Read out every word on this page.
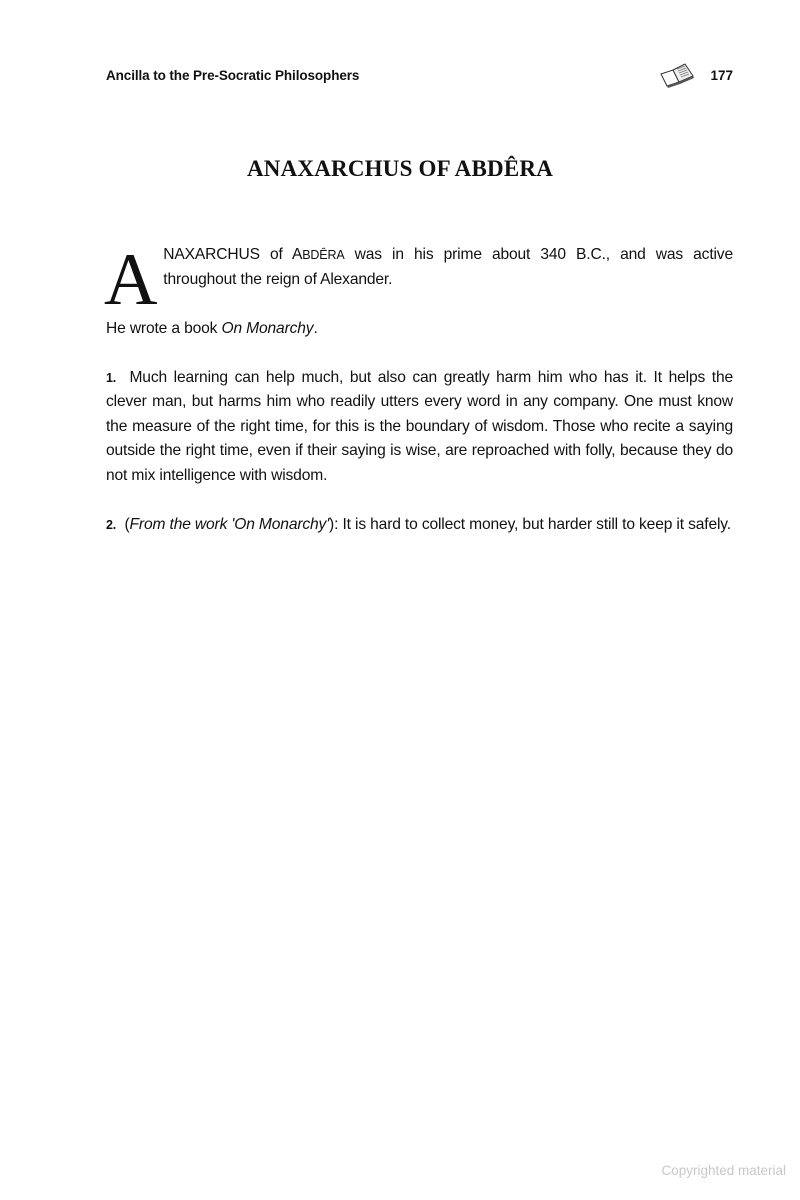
Ancilla to the Pre-Socratic Philosophers	177
ANAXARCHUS OF ABDÊRA

ANAXARCHUS of ABDÊRA was in his prime about 340 B.C., and was active throughout the reign of Alexander.

He wrote a book On Monarchy.

1. Much learning can help much, but also can greatly harm him who has it. It helps the clever man, but harms him who readily utters every word in any company. One must know the measure of the right time, for this is the boundary of wisdom. Those who recite a saying outside the right time, even if their saying is wise, are reproached with folly, because they do not mix intelligence with wisdom.

2. (From the work 'On Monarchy'): It is hard to collect money, but harder still to keep it safely.

Copyrighted material
